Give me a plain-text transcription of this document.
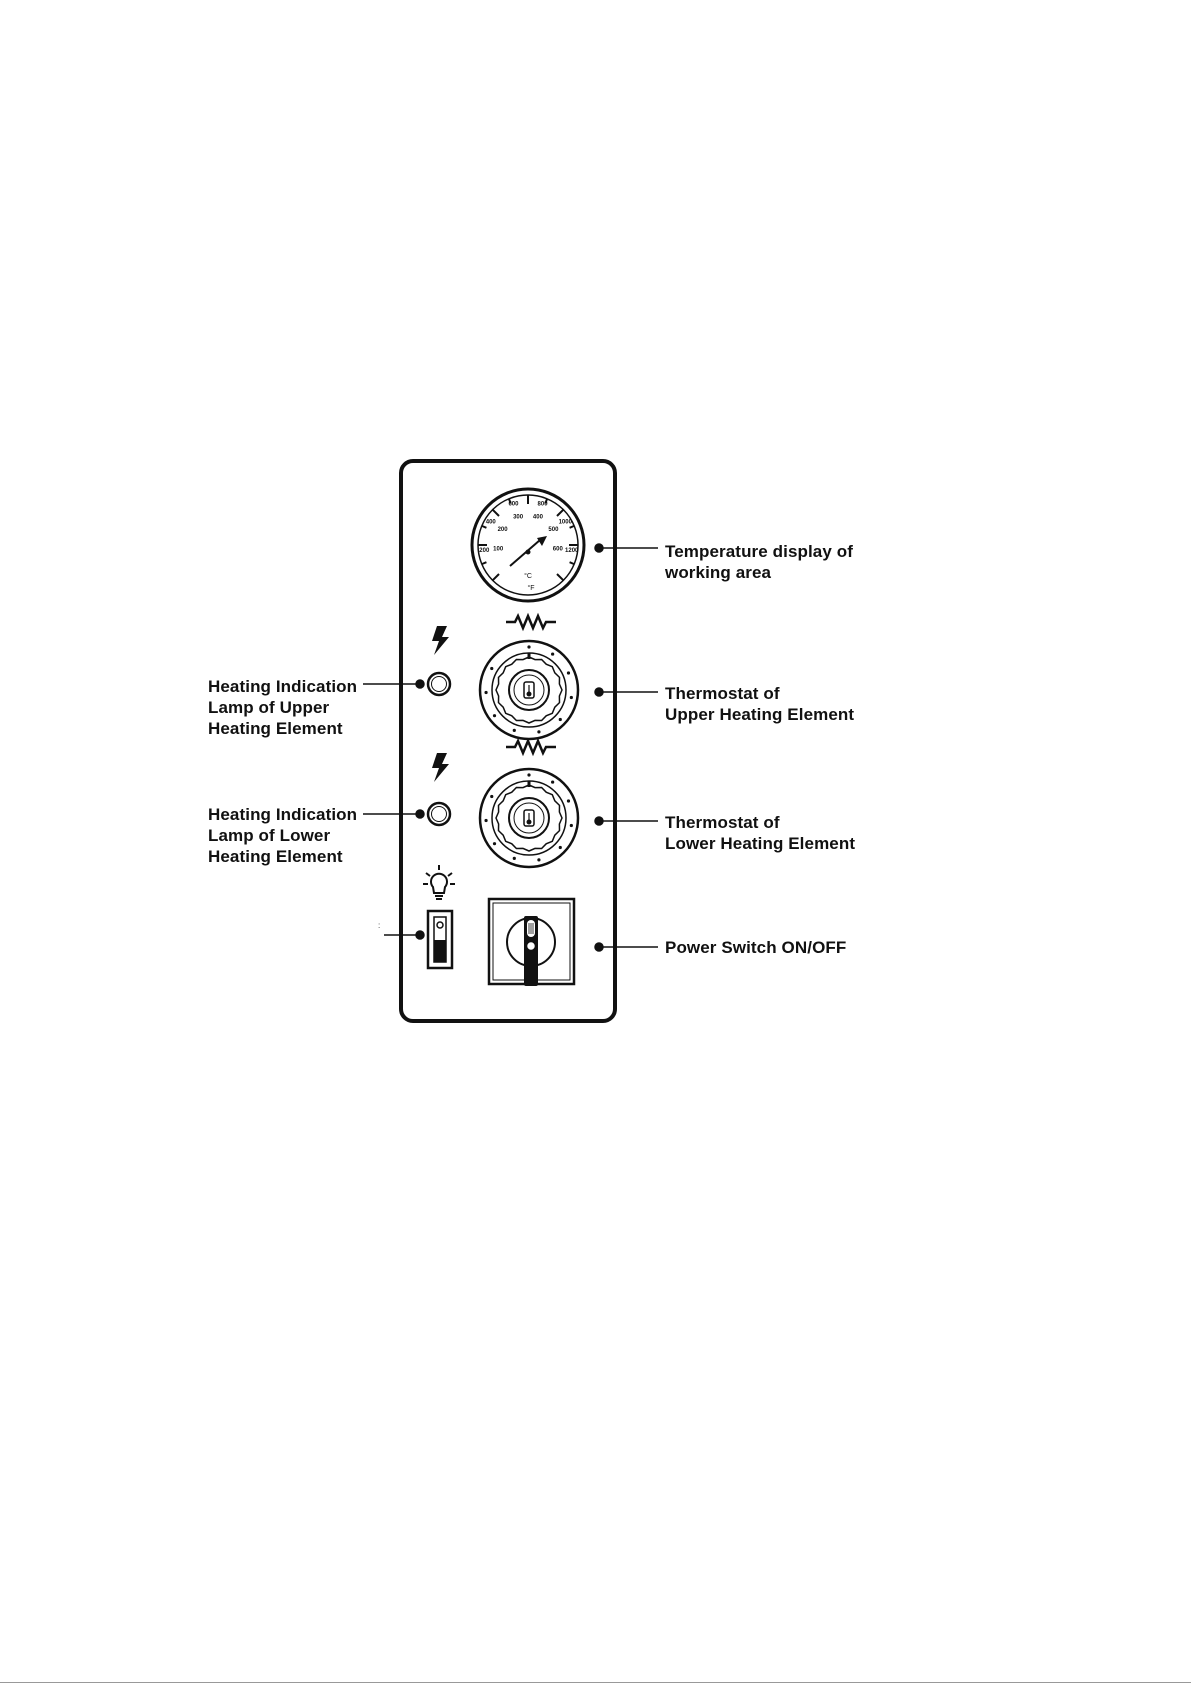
200
400
600	800
1000
1200
100
200
300 400
500
600
°C
°F
Temperature display of
working area
Thermostat of
Upper Heating Element
Thermostat of
Lower Heating Element
Power Switch ON/OFF
Heating Indication
Lamp of Upper
Heating Element
Heating Indication
Lamp of Lower
Heating Element
:
